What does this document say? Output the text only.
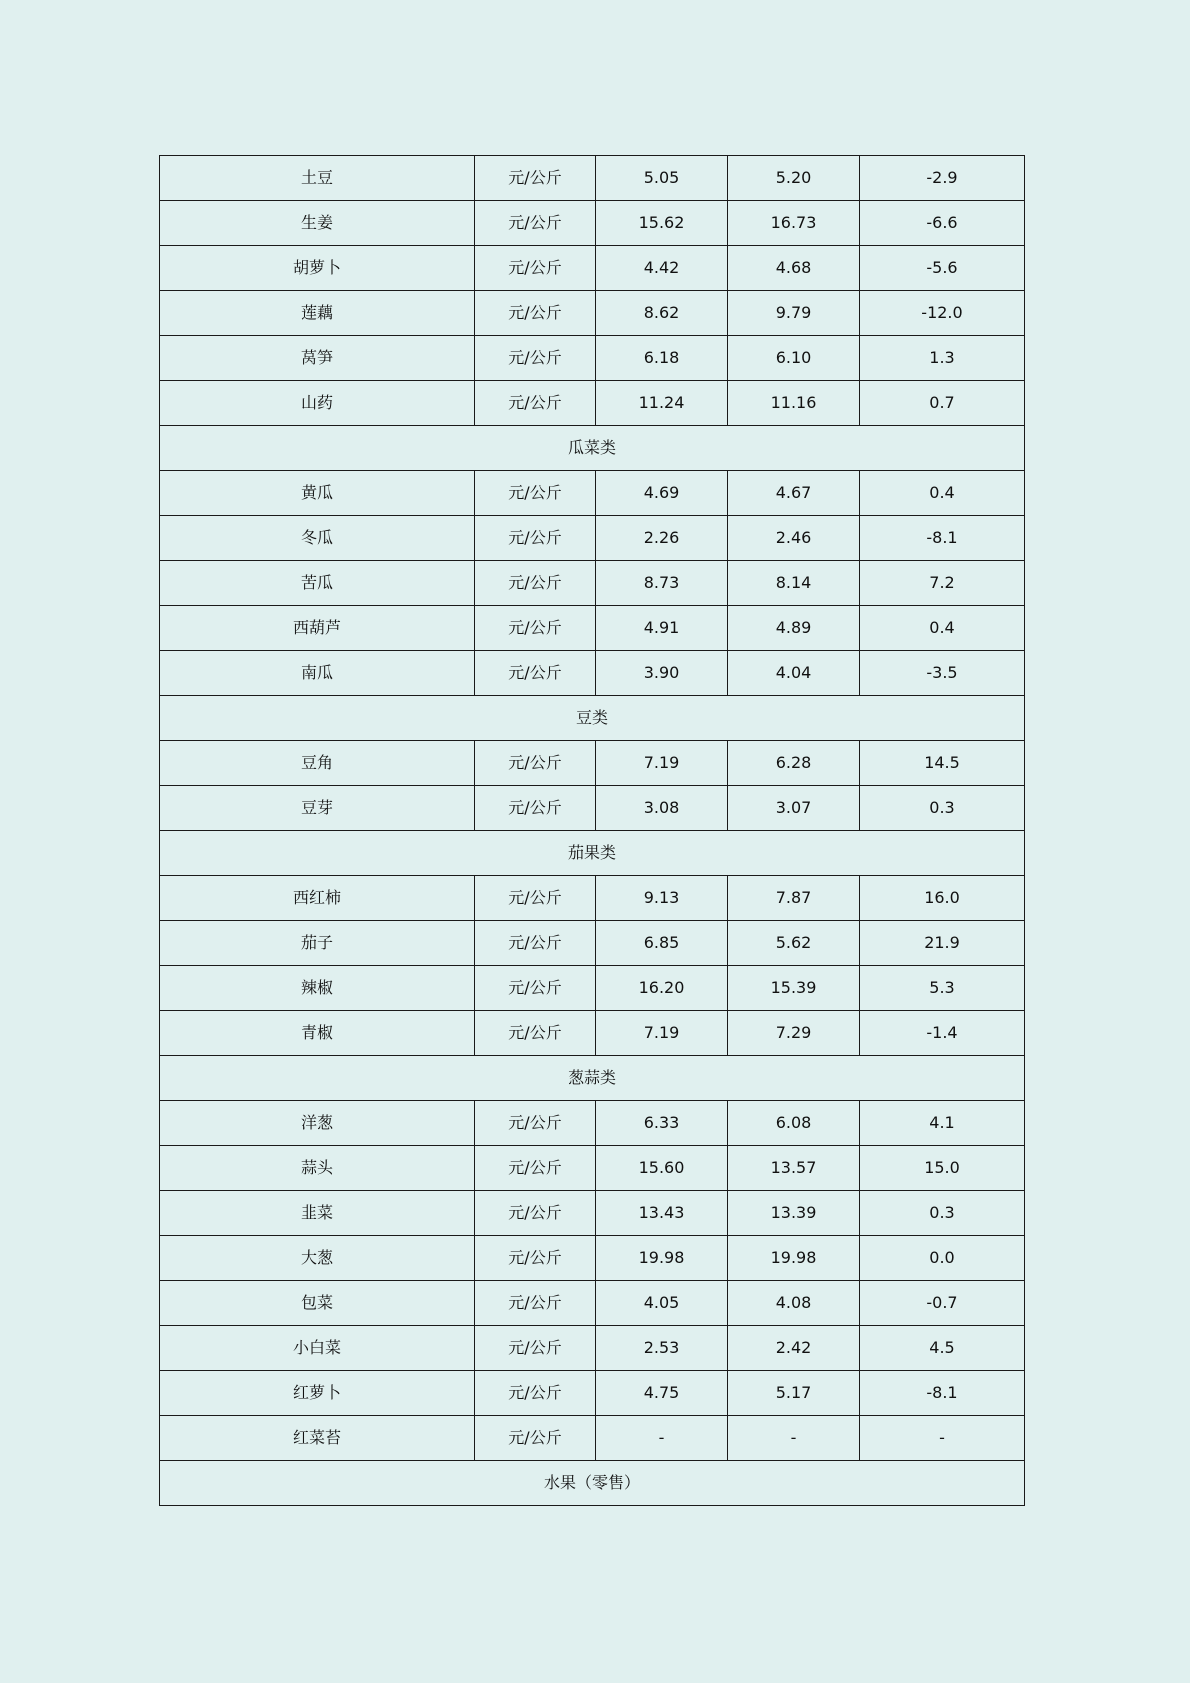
土豆	元/公斤	5.05	5.20	-2.9
生姜	元/公斤	15.62	16.73	-6.6
胡萝卜	元/公斤	4.42	4.68	-5.6
莲藕	元/公斤	8.62	9.79	-12.0
莴笋	元/公斤	6.18	6.10	1.3
山药	元/公斤	11.24	11.16	0.7
瓜菜类				
黄瓜	元/公斤	4.69	4.67	0.4
冬瓜	元/公斤	2.26	2.46	-8.1
苦瓜	元/公斤	8.73	8.14	7.2
西葫芦	元/公斤	4.91	4.89	0.4
南瓜	元/公斤	3.90	4.04	-3.5
豆类				
豆角	元/公斤	7.19	6.28	14.5
豆芽	元/公斤	3.08	3.07	0.3
茄果类				
西红柿	元/公斤	9.13	7.87	16.0
茄子	元/公斤	6.85	5.62	21.9
辣椒	元/公斤	16.20	15.39	5.3
青椒	元/公斤	7.19	7.29	-1.4
葱蒜类				
洋葱	元/公斤	6.33	6.08	4.1
蒜头	元/公斤	15.60	13.57	15.0
韭菜	元/公斤	13.43	13.39	0.3
大葱	元/公斤	19.98	19.98	0.0
包菜	元/公斤	4.05	4.08	-0.7
小白菜	元/公斤	2.53	2.42	4.5
红萝卜	元/公斤	4.75	5.17	-8.1
红菜苔	元/公斤	-	-	-
水果（零售）				
